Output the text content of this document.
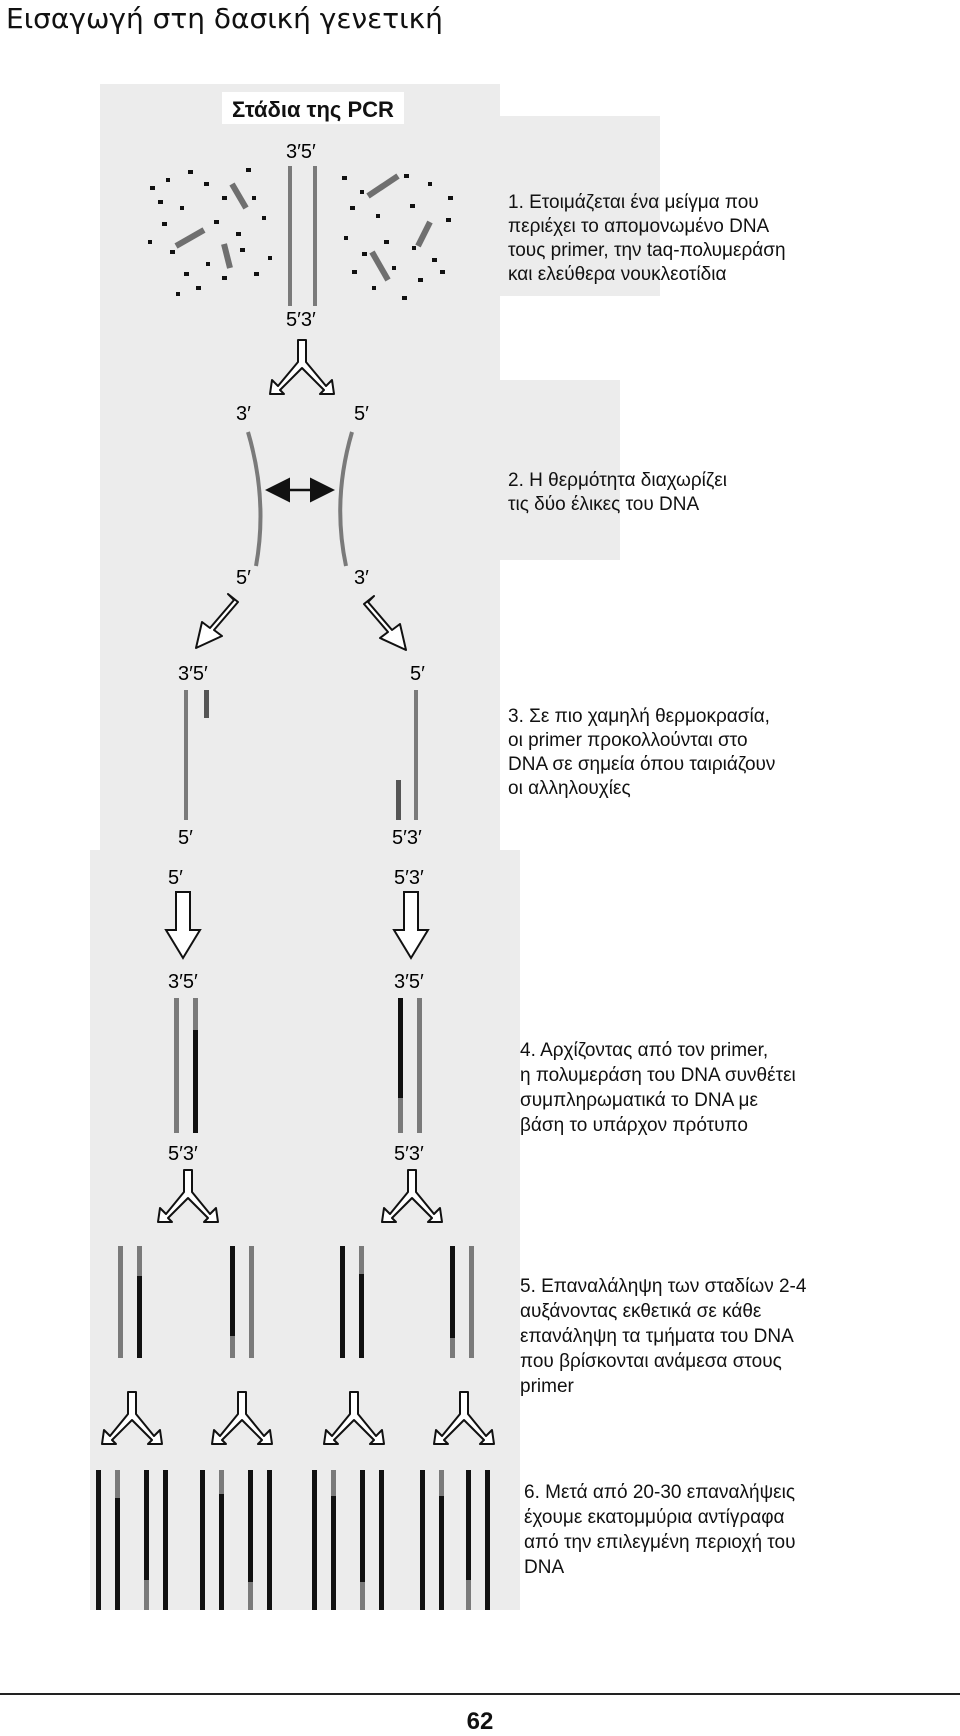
Εισαγωγή στη δασική γενετική
Στάδια της PCR
3′5′
5′3′
3′	5′
5′	3′
3′5′	5′
5′	5′3′
5′	5′3′
3′5′	3′5′
5′3′	5′3′
1. Ετοιμάζεται ένα μείγμα που περιέχει το απομονωμένο DNA τους primer, την taq-πολυμεράση και ελεύθερα νουκλεοτίδια
2. Η θερμότητα διαχωρίζει τις δύο έλικες του DNA
3. Σε πιο χαμηλή θερμοκρασία, οι primer προκολλούνται στο DNA σε σημεία όπου ταιριάζουν οι αλληλουχίες
4. Αρχίζοντας από τον primer, η πολυμεράση του DNA συνθέτει συμπληρωματικά το DNA με βάση το υπάρχον πρότυπο
5. Επαναλάληψη των σταδίων 2-4 αυξάνοντας εκθετικά σε κάθε επανάληψη τα τμήματα του DNA που βρίσκονται ανάμεσα στους primer
6. Μετά από 20-30 επαναλήψεις έχουμε εκατομμύρια αντίγραφα από την επιλεγμένη περιοχή του DNA
62
